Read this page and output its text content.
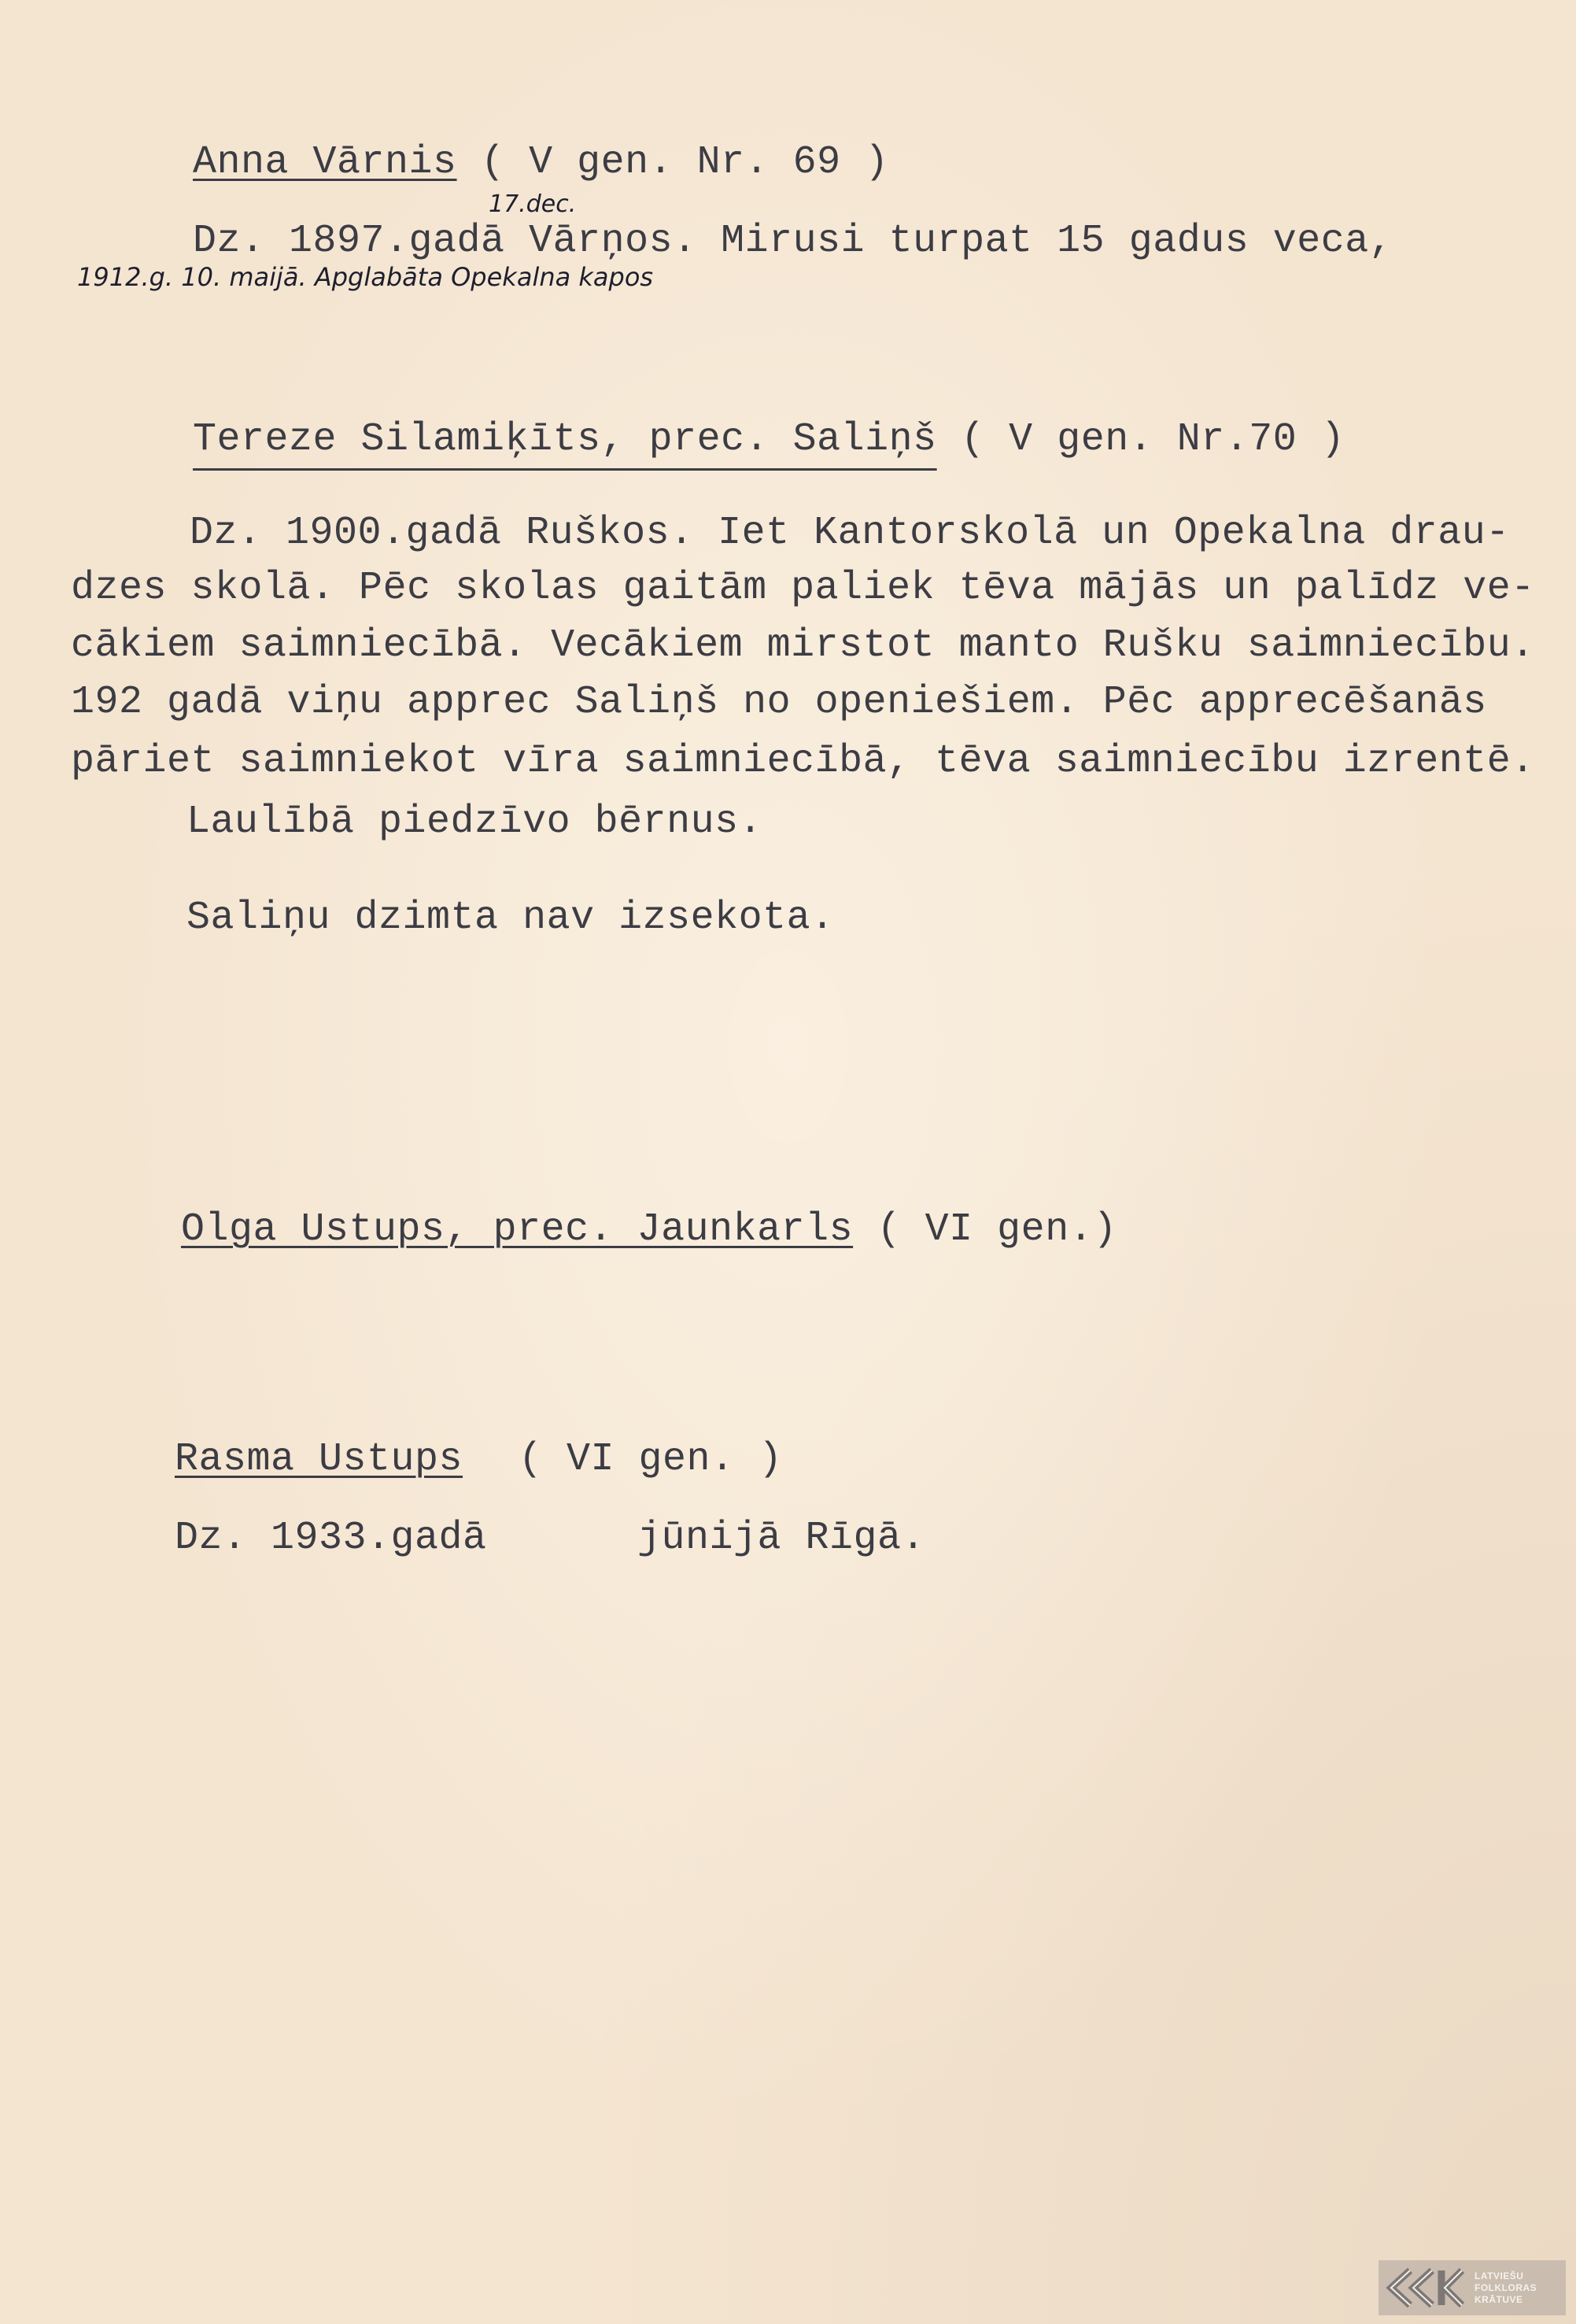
Anna Vārnis ( V gen. Nr. 69 )
17.dec.
Dz. 1897.gadā Vārņos. Mirusi turpat 15 gadus veca,
1912.g. 10. maijā. Apglabāta Opekalna kapos
Tereze Silamiķīts, prec. Saliņš ( V gen. Nr.70 )
Dz. 1900.gadā Ruškos. Iet Kantorskolā un Opekalna drau-
dzes skolā. Pēc skolas gaitām paliek tēva mājās un palīdz ve-
cākiem saimniecībā. Vecākiem mirstot manto Rušku saimniecību.
192 gadā viņu apprec Saliņš no openiešiem. Pēc apprecēšanās
pāriet saimniekot vīra saimniecībā, tēva saimniecību izrentē.
Laulībā piedzīvo bērnus.
Saliņu dzimta nav izsekota.
Olga Ustups, prec. Jaunkarls ( VI gen.)
Rasma Ustups ( VI gen. )
Dz. 1933.gadā	jūnijā Rīgā.
LATVIEŠU
FOLKLORAS
KRĀTUVE
